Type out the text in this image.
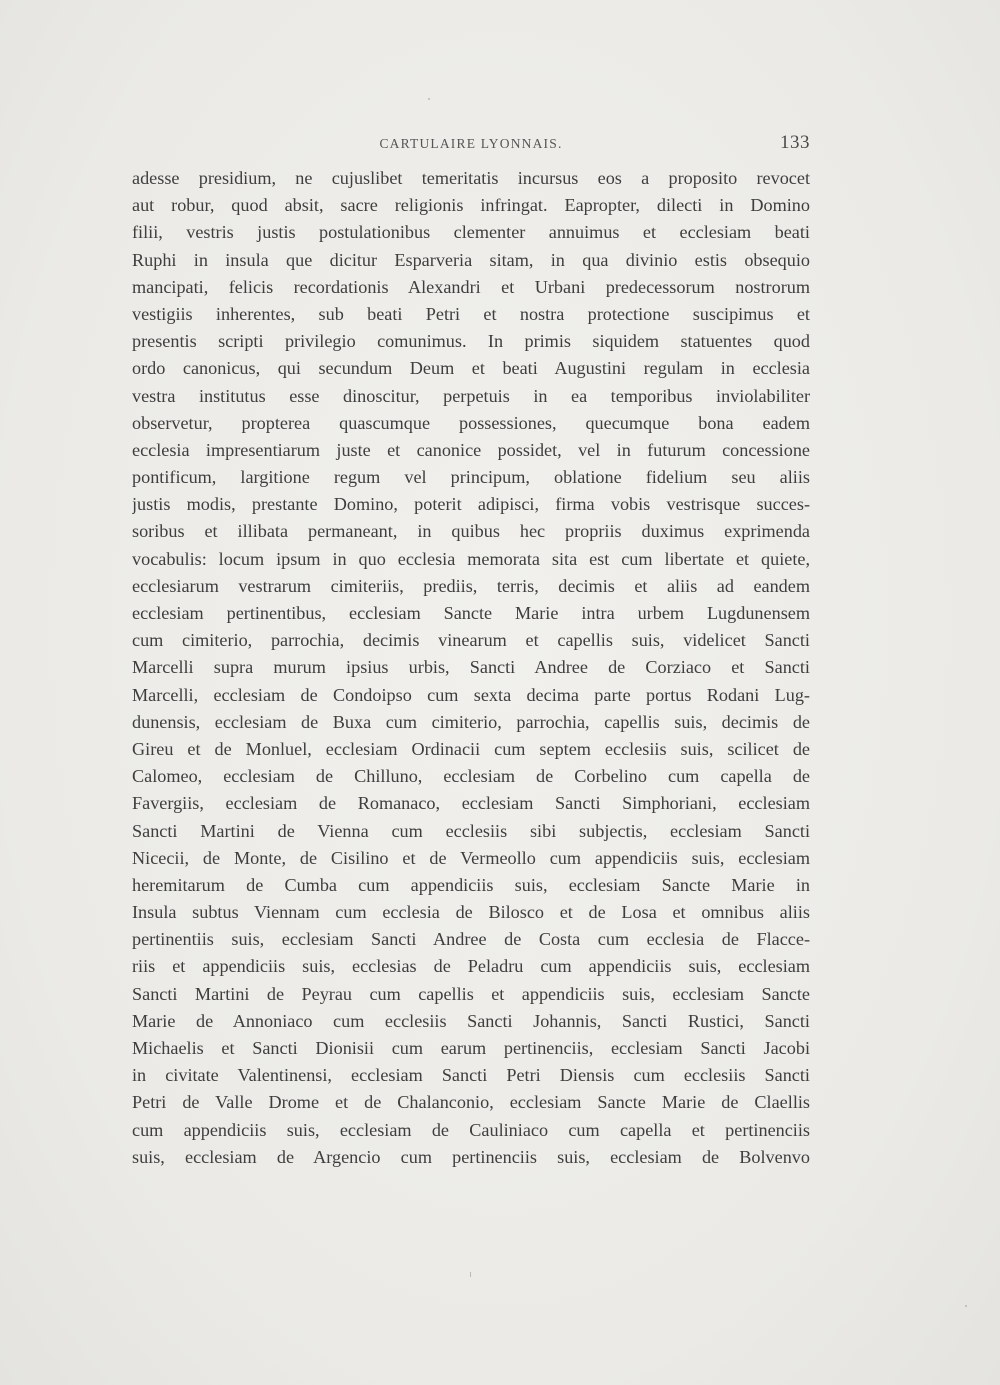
CARTULAIRE LYONNAIS.	133
adesse presidium, ne cujuslibet temeritatis incursus eos a proposito revocet
aut robur, quod absit, sacre religionis infringat. Eapropter, dilecti in Domino
filii, vestris justis postulationibus clementer annuimus et ecclesiam beati
Ruphi in insula que dicitur Esparveria sitam, in qua divinio estis obsequio
mancipati, felicis recordationis Alexandri et Urbani predecessorum nostrorum
vestigiis inherentes, sub beati Petri et nostra protectione suscipimus et
presentis scripti privilegio comunimus. In primis siquidem statuentes quod
ordo canonicus, qui secundum Deum et beati Augustini regulam in ecclesia
vestra institutus esse dinoscitur, perpetuis in ea temporibus inviolabiliter
observetur, propterea quascumque possessiones, quecumque bona eadem
ecclesia impresentiarum juste et canonice possidet, vel in futurum concessione
pontificum, largitione regum vel principum, oblatione fidelium seu aliis
justis modis, prestante Domino, poterit adipisci, firma vobis vestrisque succes-
soribus et illibata permaneant, in quibus hec propriis duximus exprimenda
vocabulis: locum ipsum in quo ecclesia memorata sita est cum libertate et quiete,
ecclesiarum vestrarum cimiteriis, prediis, terris, decimis et aliis ad eandem
ecclesiam pertinentibus, ecclesiam Sancte Marie intra urbem Lugdunensem
cum cimiterio, parrochia, decimis vinearum et capellis suis, videlicet Sancti
Marcelli supra murum ipsius urbis, Sancti Andree de Corziaco et Sancti
Marcelli, ecclesiam de Condoipso cum sexta decima parte portus Rodani Lug-
dunensis, ecclesiam de Buxa cum cimiterio, parrochia, capellis suis, decimis de
Gireu et de Monluel, ecclesiam Ordinacii cum septem ecclesiis suis, scilicet de
Calomeo, ecclesiam de Chilluno, ecclesiam de Corbelino cum capella de
Favergiis, ecclesiam de Romanaco, ecclesiam Sancti Simphoriani, ecclesiam
Sancti Martini de Vienna cum ecclesiis sibi subjectis, ecclesiam Sancti
Nicecii, de Monte, de Cisilino et de Vermeollo cum appendiciis suis, ecclesiam
heremitarum de Cumba cum appendiciis suis, ecclesiam Sancte Marie in
Insula subtus Viennam cum ecclesia de Bilosco et de Losa et omnibus aliis
pertinentiis suis, ecclesiam Sancti Andree de Costa cum ecclesia de Flacce-
riis et appendiciis suis, ecclesias de Peladru cum appendiciis suis, ecclesiam
Sancti Martini de Peyrau cum capellis et appendiciis suis, ecclesiam Sancte
Marie de Annoniaco cum ecclesiis Sancti Johannis, Sancti Rustici, Sancti
Michaelis et Sancti Dionisii cum earum pertinenciis, ecclesiam Sancti Jacobi
in civitate Valentinensi, ecclesiam Sancti Petri Diensis cum ecclesiis Sancti
Petri de Valle Drome et de Chalanconio, ecclesiam Sancte Marie de Claellis
cum appendiciis suis, ecclesiam de Cauliniaco cum capella et pertinenciis
suis, ecclesiam de Argencio cum pertinenciis suis, ecclesiam de Bolvenvo
